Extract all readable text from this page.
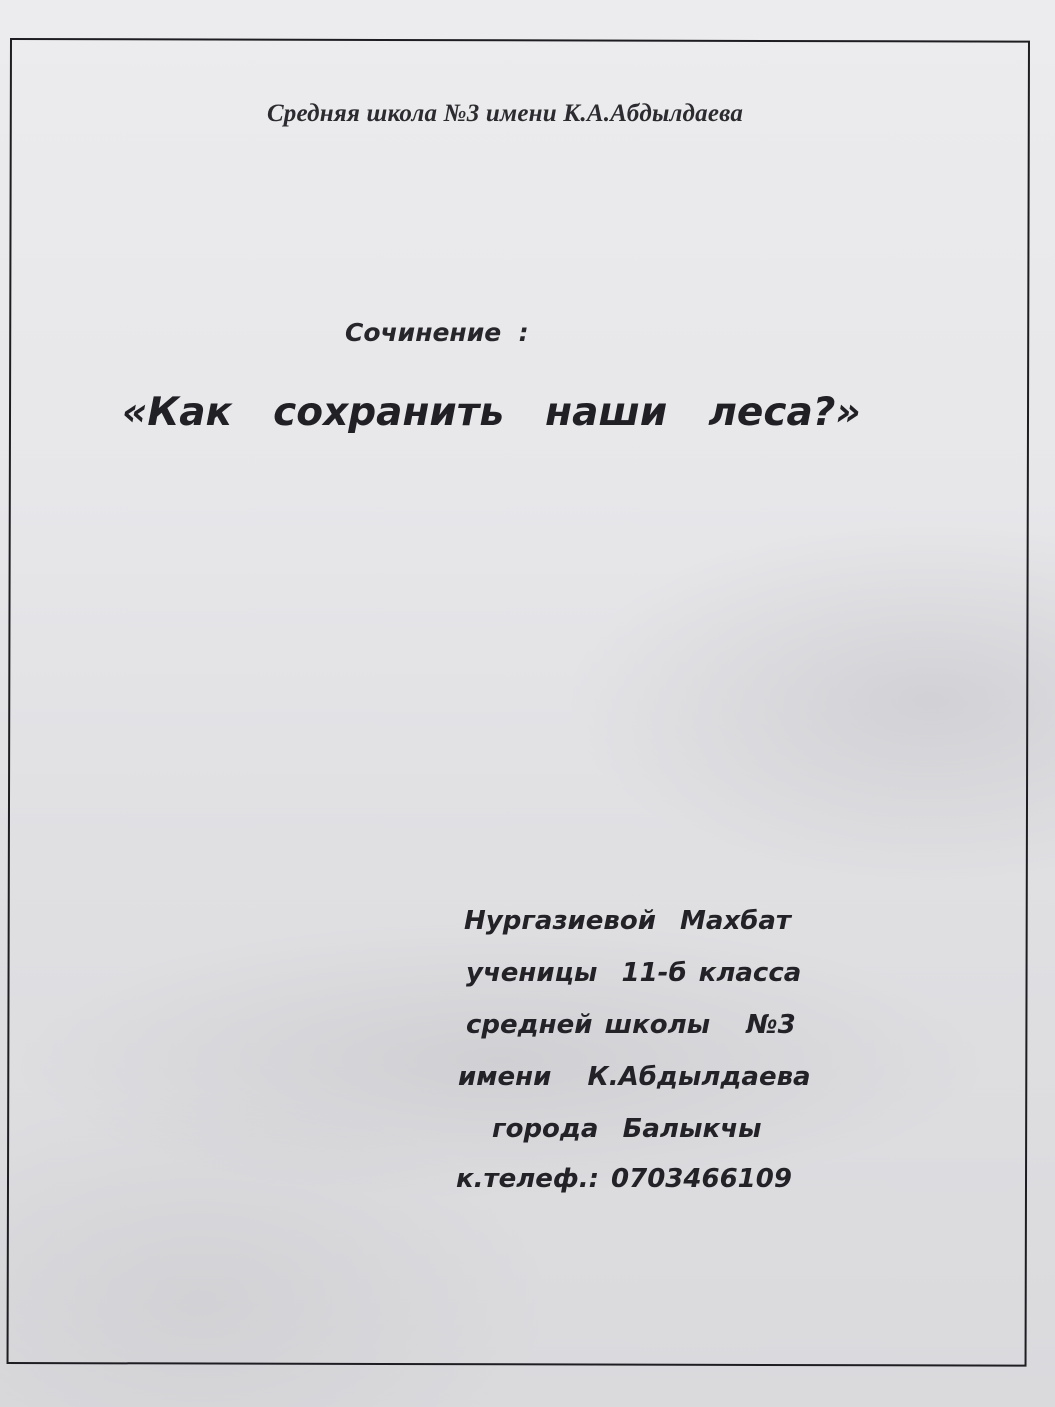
Средняя школа №3 имени К.А.Абдылдаева
Сочинение  :
«Как  сохранить  наши  леса?»
Нургазиевой  Махбат
ученицы  11-б класса
средней школы   №3
имени   К.Абдылдаева
города  Балыкчы
к.телеф.: 0703466109
